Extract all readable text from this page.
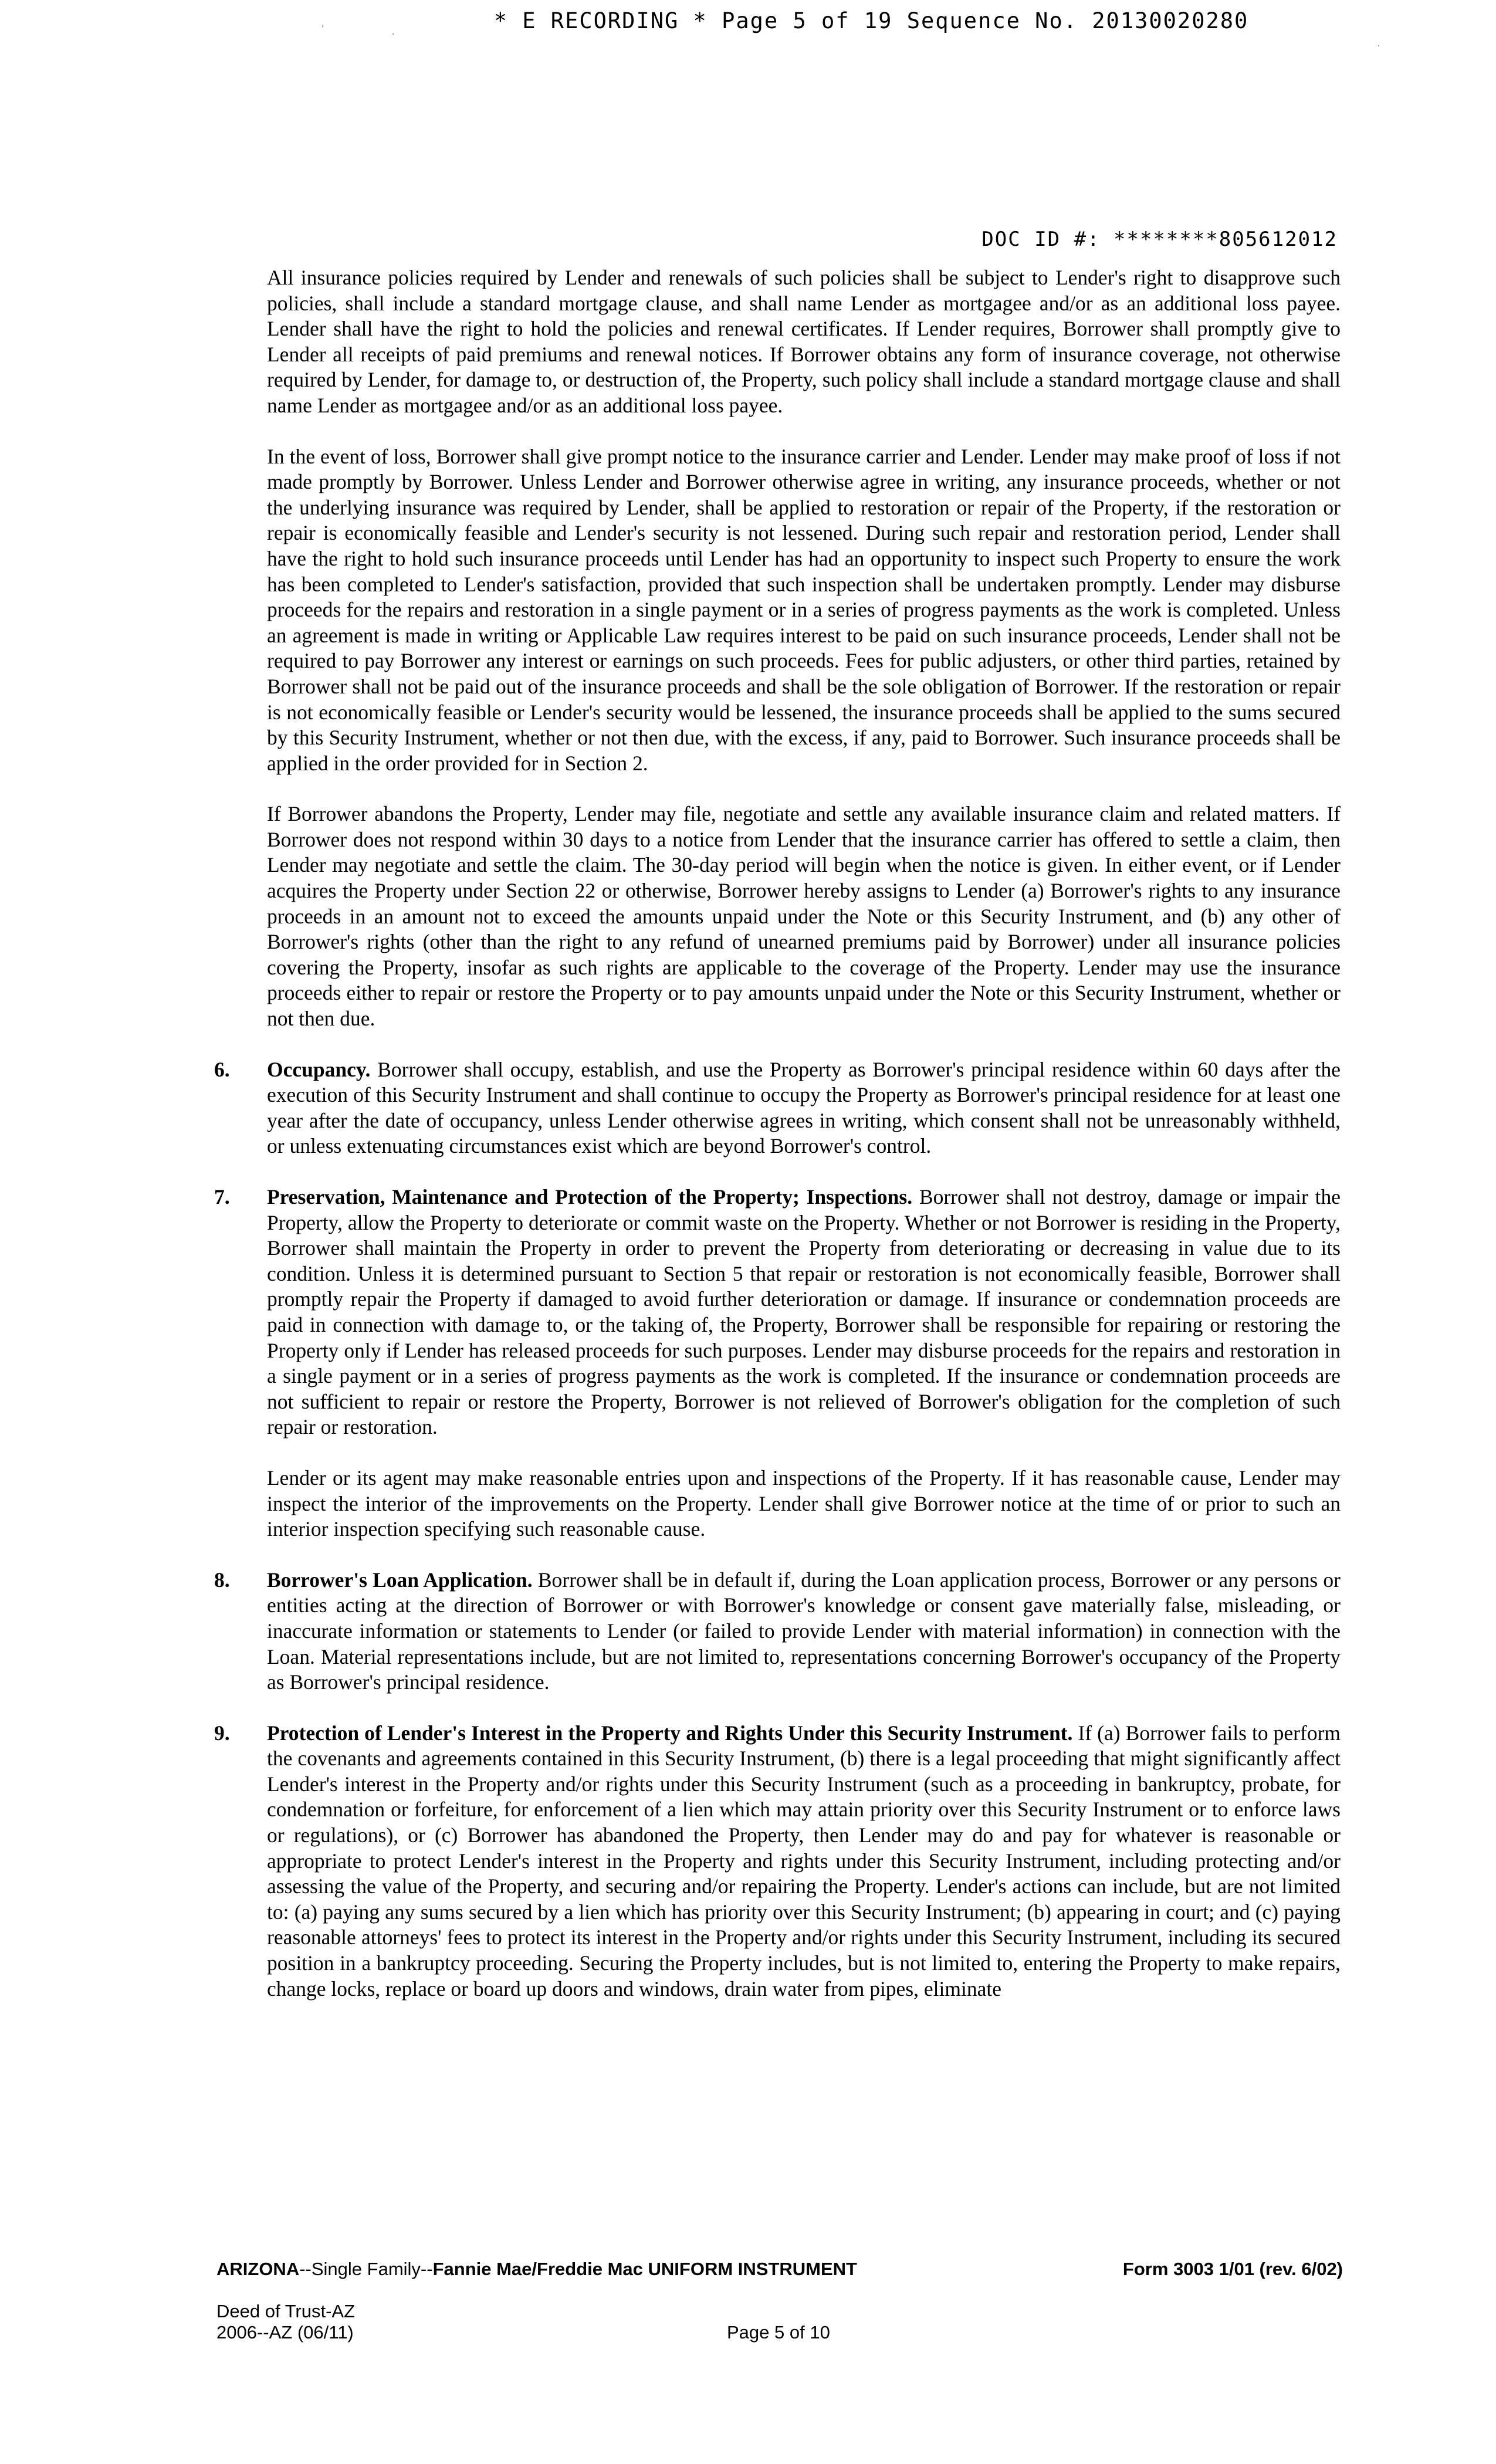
* E RECORDING * Page 5 of 19 Sequence No. 20130020280
,
.
.
DOC ID #: ********805612012

All insurance policies required by Lender and renewals of such policies shall be subject to Lender's right to disapprove such policies, shall include a standard mortgage clause, and shall name Lender as mortgagee and/or as an additional loss payee. Lender shall have the right to hold the policies and renewal certificates. If Lender requires, Borrower shall promptly give to Lender all receipts of paid premiums and renewal notices. If Borrower obtains any form of insurance coverage, not otherwise required by Lender, for damage to, or destruction of, the Property, such policy shall include a standard mortgage clause and shall name Lender as mortgagee and/or as an additional loss payee.

In the event of loss, Borrower shall give prompt notice to the insurance carrier and Lender. Lender may make proof of loss if not made promptly by Borrower. Unless Lender and Borrower otherwise agree in writing, any insurance proceeds, whether or not the underlying insurance was required by Lender, shall be applied to restoration or repair of the Property, if the restoration or repair is economically feasible and Lender's security is not lessened. During such repair and restoration period, Lender shall have the right to hold such insurance proceeds until Lender has had an opportunity to inspect such Property to ensure the work has been completed to Lender's satisfaction, provided that such inspection shall be undertaken promptly. Lender may disburse proceeds for the repairs and restoration in a single payment or in a series of progress payments as the work is completed. Unless an agreement is made in writing or Applicable Law requires interest to be paid on such insurance proceeds, Lender shall not be required to pay Borrower any interest or earnings on such proceeds. Fees for public adjusters, or other third parties, retained by Borrower shall not be paid out of the insurance proceeds and shall be the sole obligation of Borrower. If the restoration or repair is not economically feasible or Lender's security would be lessened, the insurance proceeds shall be applied to the sums secured by this Security Instrument, whether or not then due, with the excess, if any, paid to Borrower. Such insurance proceeds shall be applied in the order provided for in Section 2.

If Borrower abandons the Property, Lender may file, negotiate and settle any available insurance claim and related matters. If Borrower does not respond within 30 days to a notice from Lender that the insurance carrier has offered to settle a claim, then Lender may negotiate and settle the claim. The 30-day period will begin when the notice is given. In either event, or if Lender acquires the Property under Section 22 or otherwise, Borrower hereby assigns to Lender (a) Borrower's rights to any insurance proceeds in an amount not to exceed the amounts unpaid under the Note or this Security Instrument, and (b) any other of Borrower's rights (other than the right to any refund of unearned premiums paid by Borrower) under all insurance policies covering the Property, insofar as such rights are applicable to the coverage of the Property. Lender may use the insurance proceeds either to repair or restore the Property or to pay amounts unpaid under the Note or this Security Instrument, whether or not then due.

6. Occupancy. Borrower shall occupy, establish, and use the Property as Borrower's principal residence within 60 days after the execution of this Security Instrument and shall continue to occupy the Property as Borrower's principal residence for at least one year after the date of occupancy, unless Lender otherwise agrees in writing, which consent shall not be unreasonably withheld, or unless extenuating circumstances exist which are beyond Borrower's control.
7. Preservation, Maintenance and Protection of the Property; Inspections. Borrower shall not destroy, damage or impair the Property, allow the Property to deteriorate or commit waste on the Property. Whether or not Borrower is residing in the Property, Borrower shall maintain the Property in order to prevent the Property from deteriorating or decreasing in value due to its condition. Unless it is determined pursuant to Section 5 that repair or restoration is not economically feasible, Borrower shall promptly repair the Property if damaged to avoid further deterioration or damage. If insurance or condemnation proceeds are paid in connection with damage to, or the taking of, the Property, Borrower shall be responsible for repairing or restoring the Property only if Lender has released proceeds for such purposes. Lender may disburse proceeds for the repairs and restoration in a single payment or in a series of progress payments as the work is completed. If the insurance or condemnation proceeds are not sufficient to repair or restore the Property, Borrower is not relieved of Borrower's obligation for the completion of such repair or restoration.

Lender or its agent may make reasonable entries upon and inspections of the Property. If it has reasonable cause, Lender may inspect the interior of the improvements on the Property. Lender shall give Borrower notice at the time of or prior to such an interior inspection specifying such reasonable cause.

8. Borrower's Loan Application. Borrower shall be in default if, during the Loan application process, Borrower or any persons or entities acting at the direction of Borrower or with Borrower's knowledge or consent gave materially false, misleading, or inaccurate information or statements to Lender (or failed to provide Lender with material information) in connection with the Loan. Material representations include, but are not limited to, representations concerning Borrower's occupancy of the Property as Borrower's principal residence.
9. Protection of Lender's Interest in the Property and Rights Under this Security Instrument. If (a) Borrower fails to perform the covenants and agreements contained in this Security Instrument, (b) there is a legal proceeding that might significantly affect Lender's interest in the Property and/or rights under this Security Instrument (such as a proceeding in bankruptcy, probate, for condemnation or forfeiture, for enforcement of a lien which may attain priority over this Security Instrument or to enforce laws or regulations), or (c) Borrower has abandoned the Property, then Lender may do and pay for whatever is reasonable or appropriate to protect Lender's interest in the Property and rights under this Security Instrument, including protecting and/or assessing the value of the Property, and securing and/or repairing the Property. Lender's actions can include, but are not limited to: (a) paying any sums secured by a lien which has priority over this Security Instrument; (b) appearing in court; and (c) paying reasonable attorneys' fees to protect its interest in the Property and/or rights under this Security Instrument, including its secured position in a bankruptcy proceeding. Securing the Property includes, but is not limited to, entering the Property to make repairs, change locks, replace or board up doors and windows, drain water from pipes, eliminate
ARIZONA--Single Family--Fannie Mae/Freddie Mac UNIFORM INSTRUMENT	Form 3003 1/01 (rev. 6/02)
Deed of Trust-AZ
2006--AZ (06/11)	Page 5 of 10
